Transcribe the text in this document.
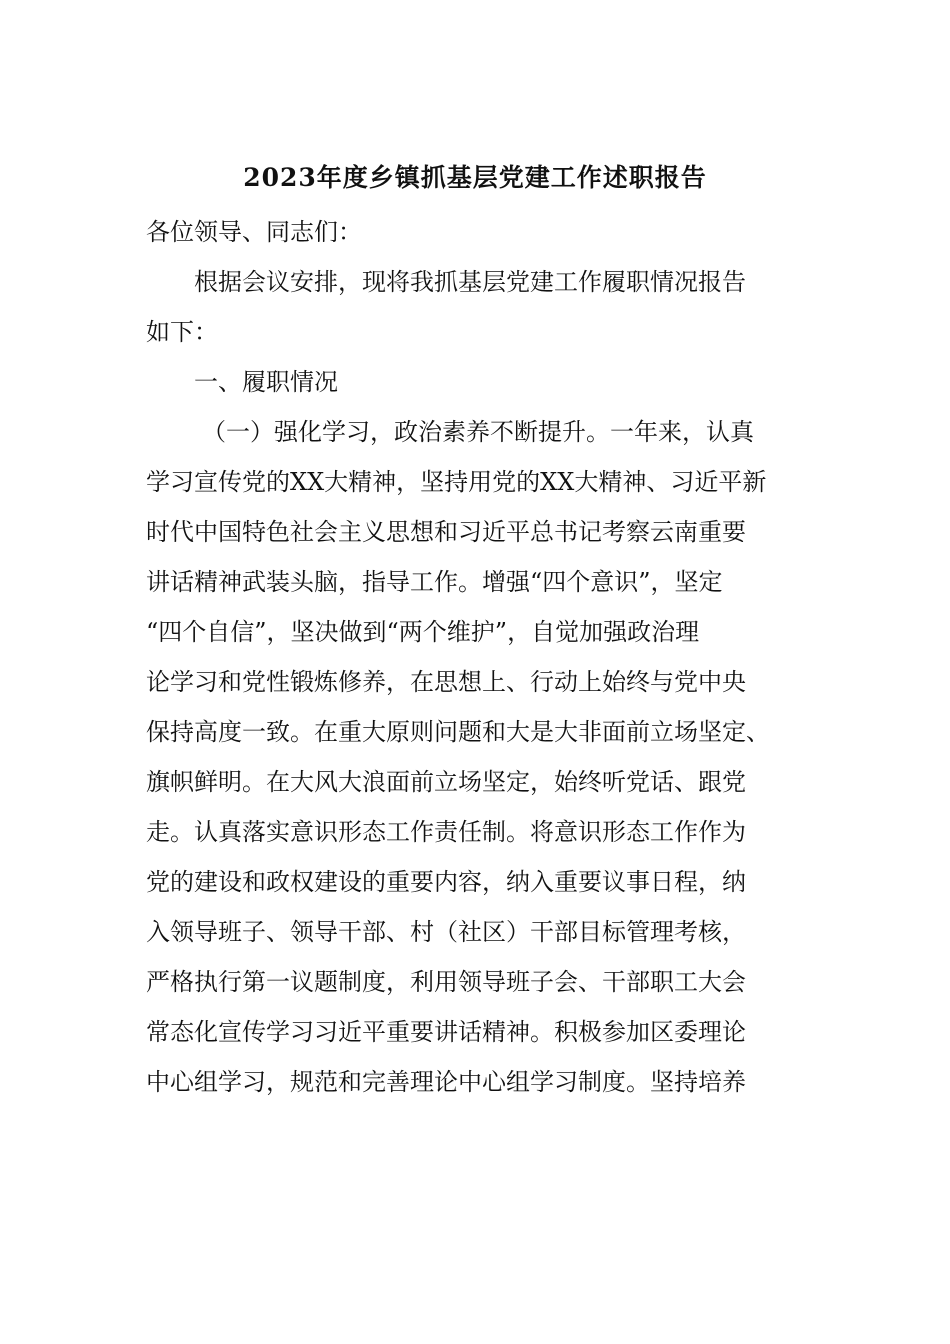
2023年度乡镇抓基层党建工作述职报告
各位领导、同志们：
根据会议安排，现将我抓基层党建工作履职情况报告
如下：
一、履职情况
（一）强化学习，政治素养不断提升。一年来，认真
学习宣传党的XX大精神，坚持用党的XX大精神、习近平新
时代中国特色社会主义思想和习近平总书记考察云南重要
讲话精神武装头脑，指导工作。增强“四个意识”，坚定
“四个自信”，坚决做到“两个维护”，自觉加强政治理
论学习和党性锻炼修养，在思想上、行动上始终与党中央
保持高度一致。在重大原则问题和大是大非面前立场坚定、
旗帜鲜明。在大风大浪面前立场坚定，始终听党话、跟党
走。认真落实意识形态工作责任制。将意识形态工作作为
党的建设和政权建设的重要内容，纳入重要议事日程，纳
入领导班子、领导干部、村（社区）干部目标管理考核，
严格执行第一议题制度，利用领导班子会、干部职工大会
常态化宣传学习习近平重要讲话精神。积极参加区委理论
中心组学习，规范和完善理论中心组学习制度。坚持培养
